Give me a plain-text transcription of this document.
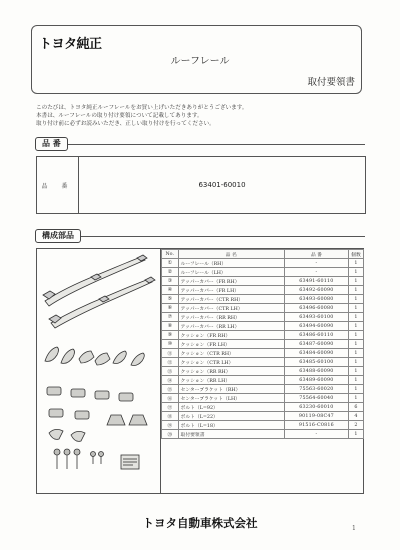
トヨタ純正
ルーフレール
取付要領書
このたびは、トヨタ純正ルーフレールをお買い上げいただきありがとうございます。
本書は、ルーフレールの取り付け要領について記載してあります。
取り付け前に必ずお読みいただき、正しい取り付けを行ってください。
品 番
品 番	63401-60010
構成部品
No.	品 名	品 番	個数
①	ルーフレール（RH）	-	1
②	ルーフレール（LH）	-	1
③	アッパーカバー（FR RH）	63491-60110	1
④	アッパーカバー（FR LH）	63492-60090	1
⑤	アッパーカバー（CTR RH）	63493-60080	1
⑥	アッパーカバー（CTR LH）	63496-60080	1
⑦	アッパーカバー（RR RH）	63493-60100	1
⑧	アッパーカバー（RR LH）	63494-60090	1
⑨	クッション（FR RH）	63486-60110	1
⑩	クッション（FR LH）	63487-60090	1
⑪	クッション（CTR RH）	63484-60090	1
⑫	クッション（CTR LH）	63485-60100	1
⑬	クッション（RR RH）	63488-60090	1
⑭	クッション（RR LH）	63489-60090	1
⑮	センターブラケット（RH）	75563-60020	1
⑯	センターブラケット（LH）	75564-60040	1
⑰	ボルト（L=92）	63230-60010	6
⑱	ボルト（L=22）	90119-08C47	4
⑲	ボルト（L=18）	91516-C0816	2
⑳	取付要領書	-	1
トヨタ自動車株式会社	1
